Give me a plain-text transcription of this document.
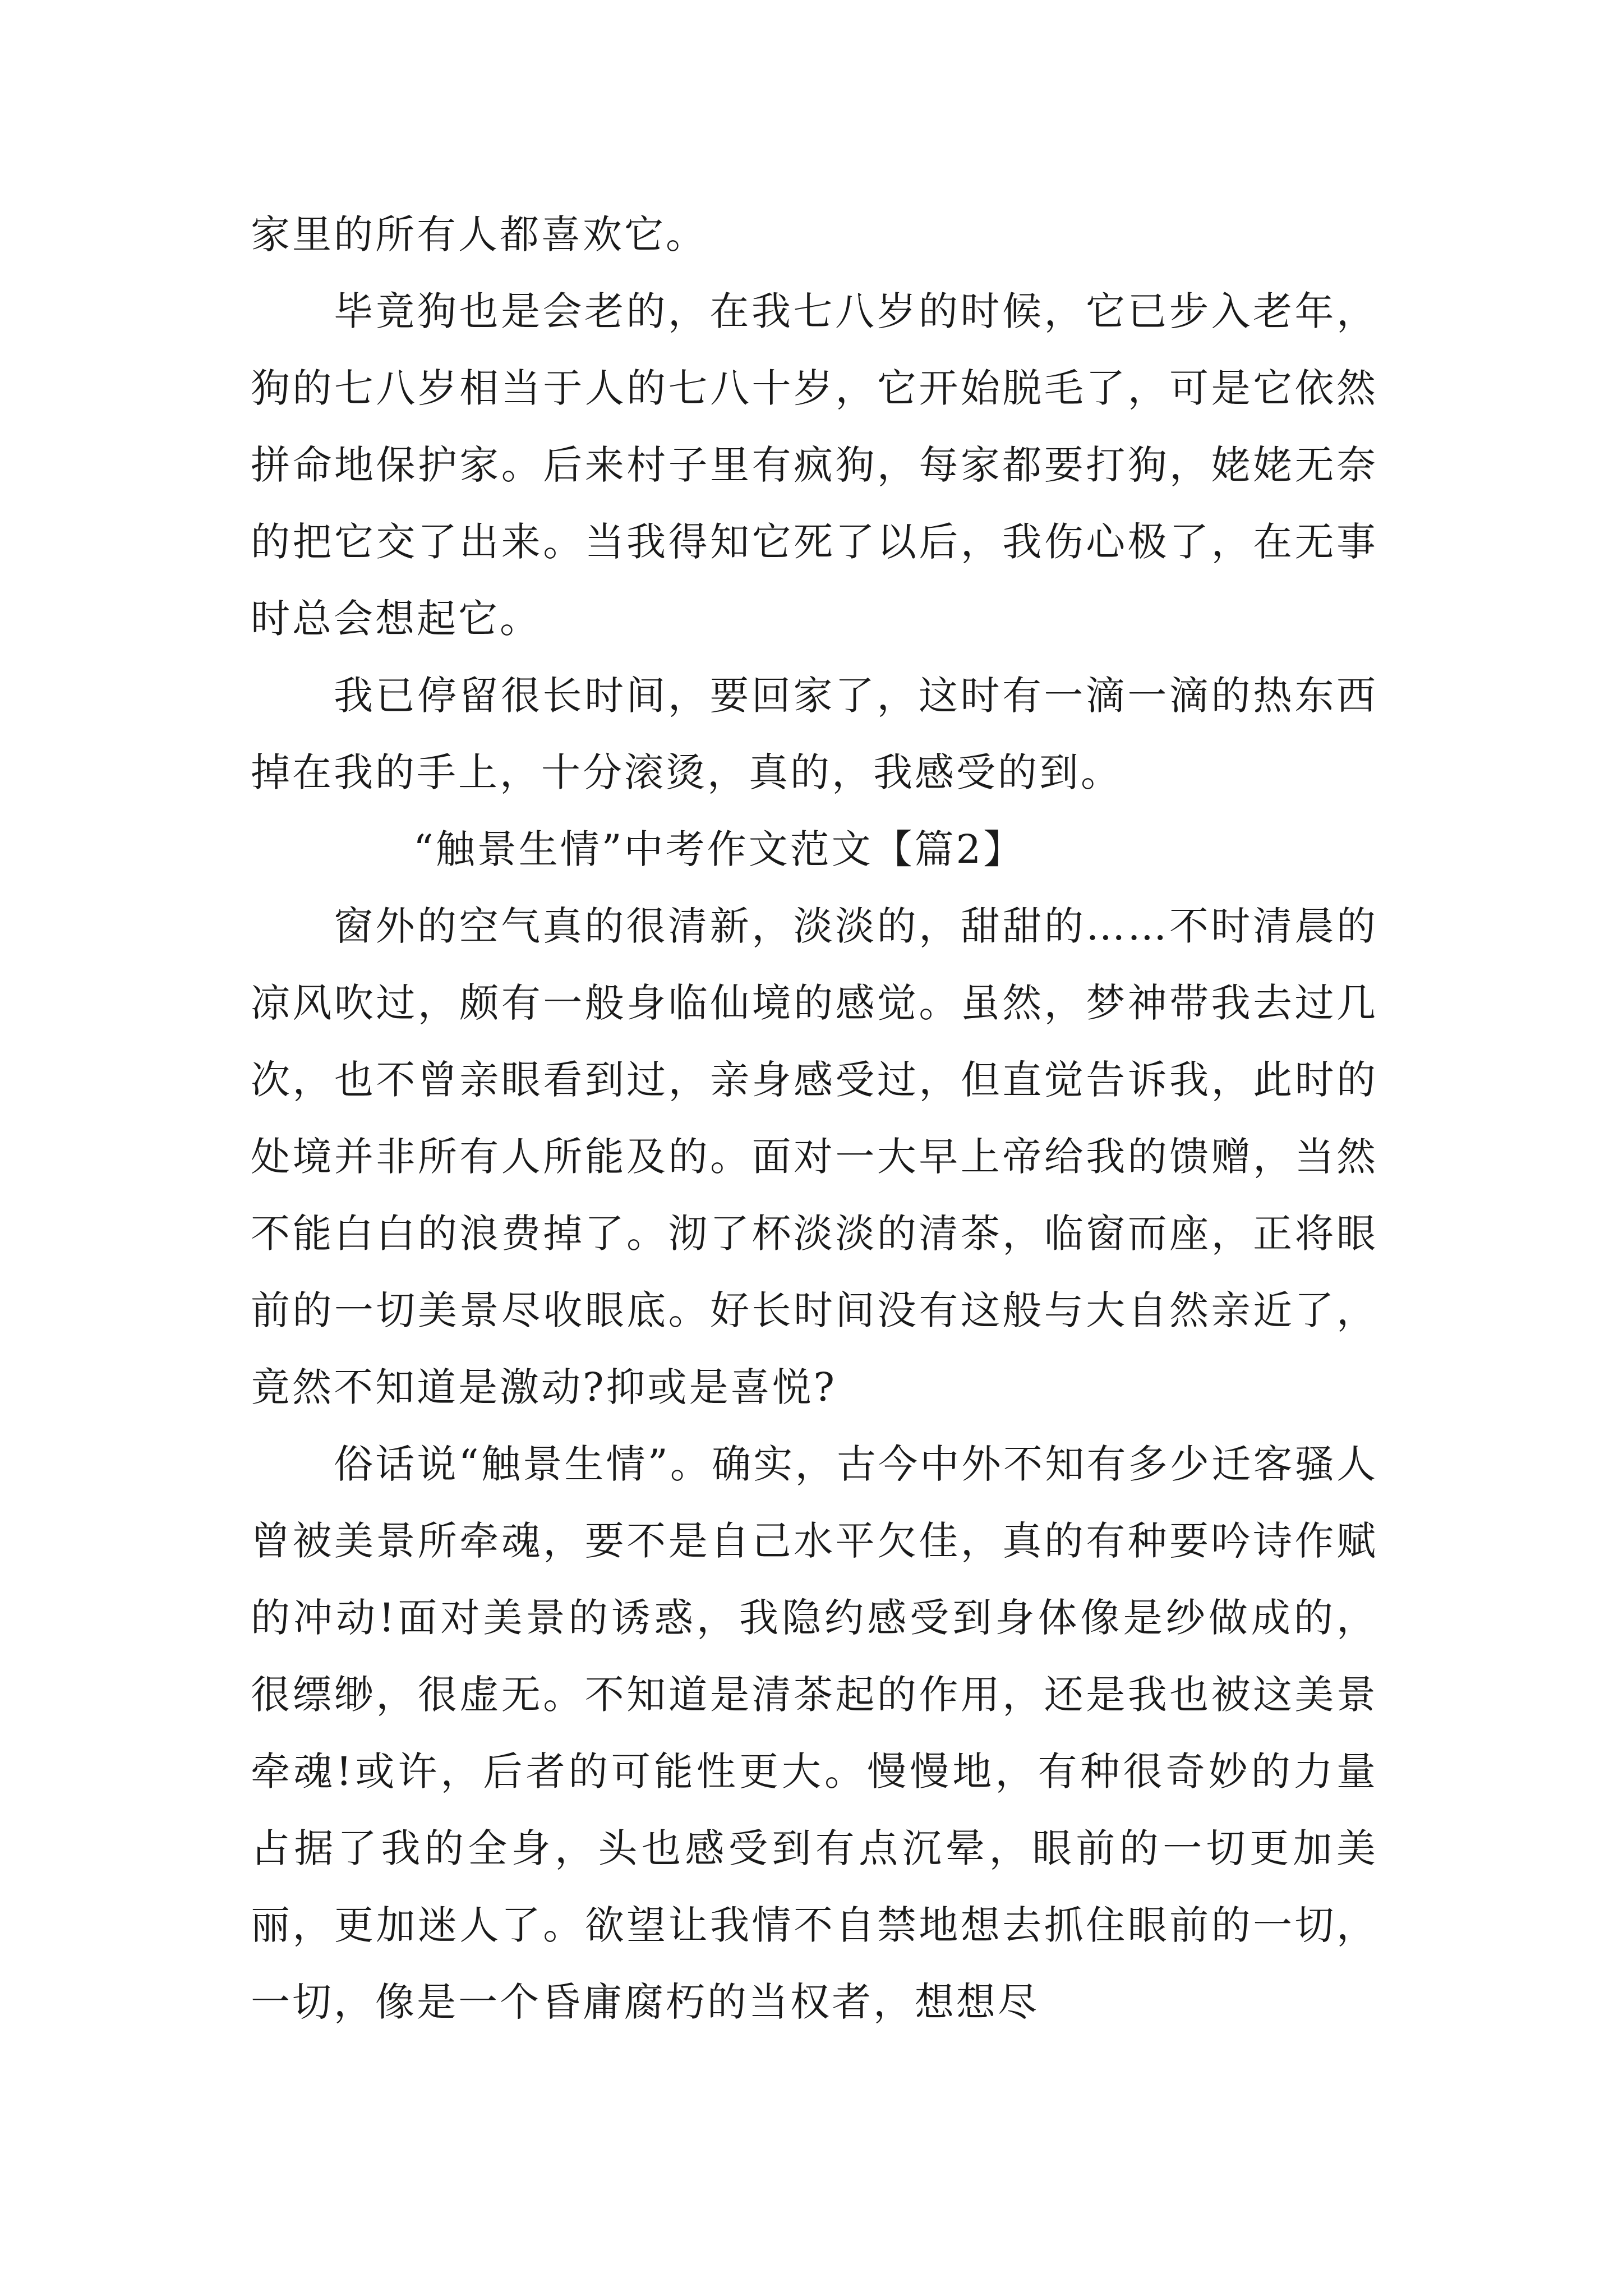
家里的所有人都喜欢它。

毕竟狗也是会老的，在我七八岁的时候，它已步入老年，狗的七八岁相当于人的七八十岁，它开始脱毛了，可是它依然拼命地保护家。后来村子里有疯狗，每家都要打狗，姥姥无奈的把它交了出来。当我得知它死了以后，我伤心极了，在无事时总会想起它。

我已停留很长时间，要回家了，这时有一滴一滴的热东西掉在我的手上，十分滚烫，真的，我感受的到。

“触景生情”中考作文范文【篇2】

窗外的空气真的很清新，淡淡的，甜甜的……不时清晨的凉风吹过，颇有一般身临仙境的感觉。虽然，梦神带我去过几次，也不曾亲眼看到过，亲身感受过，但直觉告诉我，此时的处境并非所有人所能及的。面对一大早上帝给我的馈赠，当然不能白白的浪费掉了。沏了杯淡淡的清茶，临窗而座，正将眼前的一切美景尽收眼底。好长时间没有这般与大自然亲近了，竟然不知道是激动?抑或是喜悦?

俗话说“触景生情”。确实，古今中外不知有多少迁客骚人曾被美景所牵魂，要不是自己水平欠佳，真的有种要吟诗作赋的冲动!面对美景的诱惑，我隐约感受到身体像是纱做成的，很缥缈，很虚无。不知道是清茶起的作用，还是我也被这美景牵魂!或许，后者的可能性更大。慢慢地，有种很奇妙的力量占据了我的全身，头也感受到有点沉晕，眼前的一切更加美丽，更加迷人了。欲望让我情不自禁地想去抓住眼前的一切，一切，像是一个昏庸腐朽的当权者，想想尽
